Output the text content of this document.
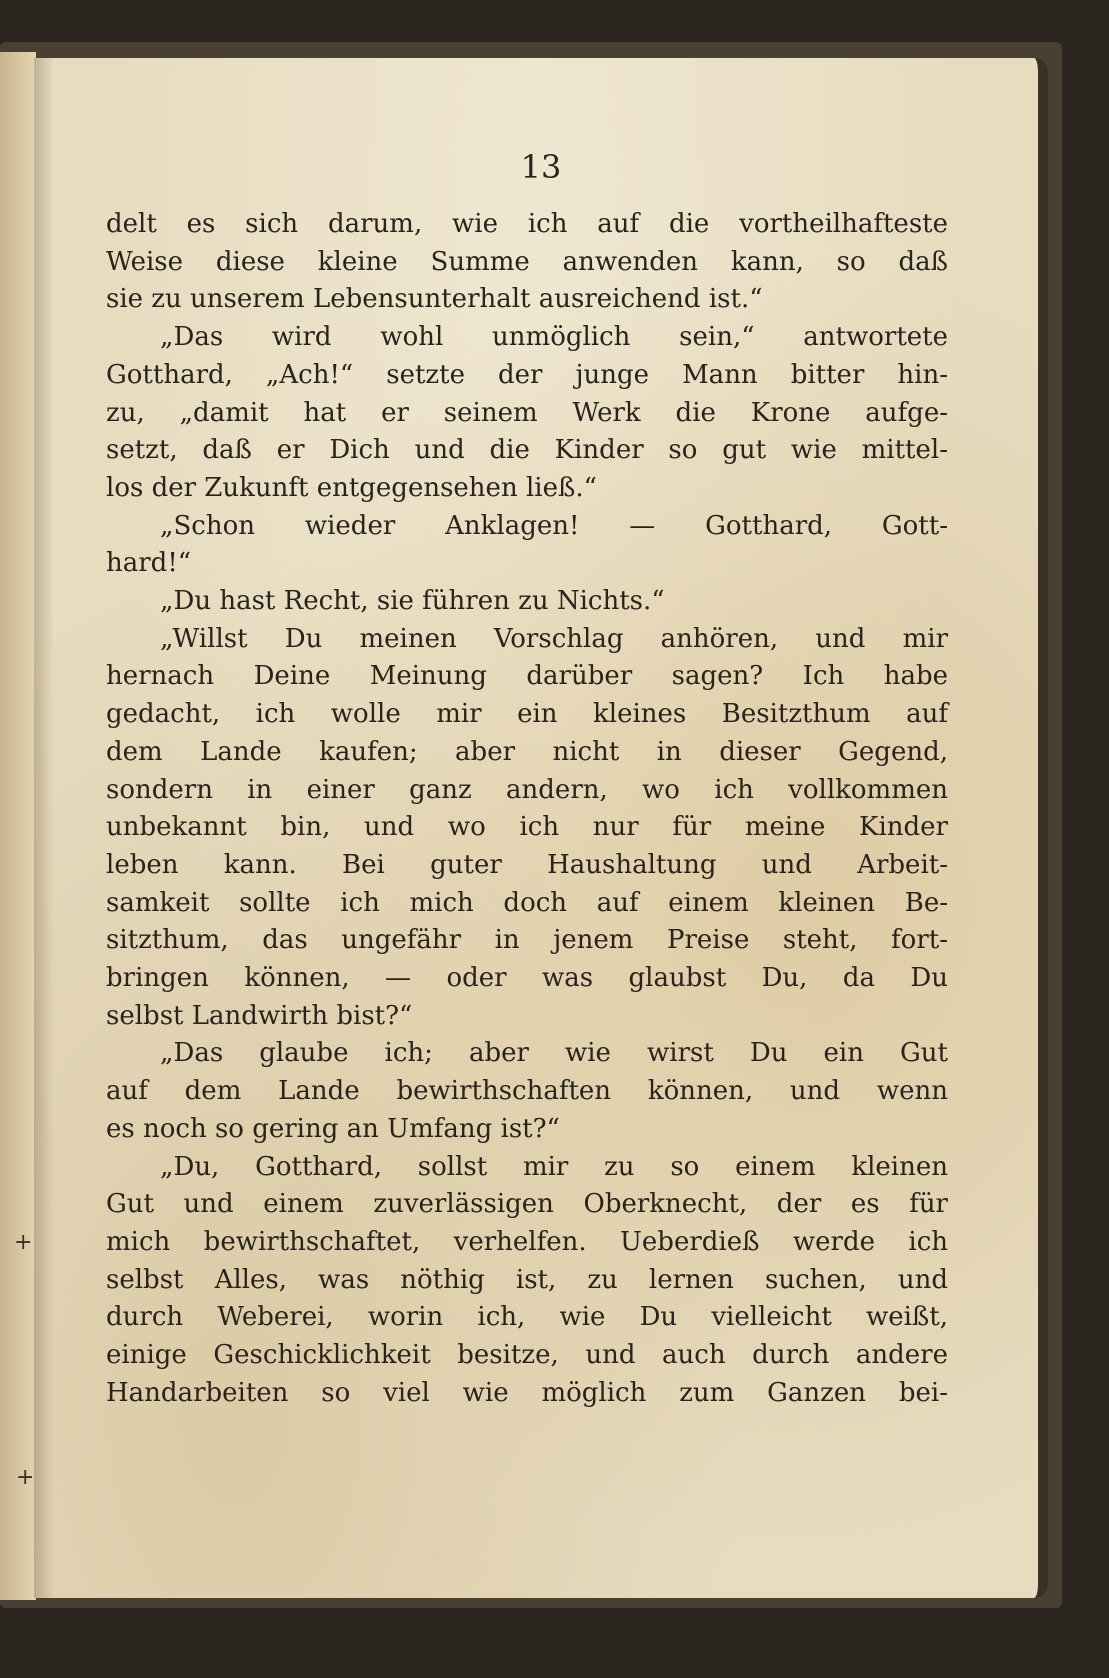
13
delt es sich darum, wie ich auf die vortheilhafteste
Weise diese kleine Summe anwenden kann, so daß
sie zu unserem Lebensunterhalt ausreichend ist.“
„Das wird wohl unmöglich sein,“ antwortete
Gotthard, „Ach!“ setzte der junge Mann bitter hin-
zu, „damit hat er seinem Werk die Krone aufge-
setzt, daß er Dich und die Kinder so gut wie mittel-
los der Zukunft entgegensehen ließ.“
„Schon wieder Anklagen! — Gotthard, Gott-
hard!“
„Du hast Recht, sie führen zu Nichts.“
„Willst Du meinen Vorschlag anhören, und mir
hernach Deine Meinung darüber sagen? Ich habe
gedacht, ich wolle mir ein kleines Besitzthum auf
dem Lande kaufen; aber nicht in dieser Gegend,
sondern in einer ganz andern, wo ich vollkommen
unbekannt bin, und wo ich nur für meine Kinder
leben kann. Bei guter Haushaltung und Arbeit-
samkeit sollte ich mich doch auf einem kleinen Be-
sitzthum, das ungefähr in jenem Preise steht, fort-
bringen können, — oder was glaubst Du, da Du
selbst Landwirth bist?“
„Das glaube ich; aber wie wirst Du ein Gut
auf dem Lande bewirthschaften können, und wenn
es noch so gering an Umfang ist?“
„Du, Gotthard, sollst mir zu so einem kleinen
Gut und einem zuverlässigen Oberknecht, der es für
mich bewirthschaftet, verhelfen. Ueberdieß werde ich
selbst Alles, was nöthig ist, zu lernen suchen, und
durch Weberei, worin ich, wie Du vielleicht weißt,
einige Geschicklichkeit besitze, und auch durch andere
Handarbeiten so viel wie möglich zum Ganzen bei-
+
+
